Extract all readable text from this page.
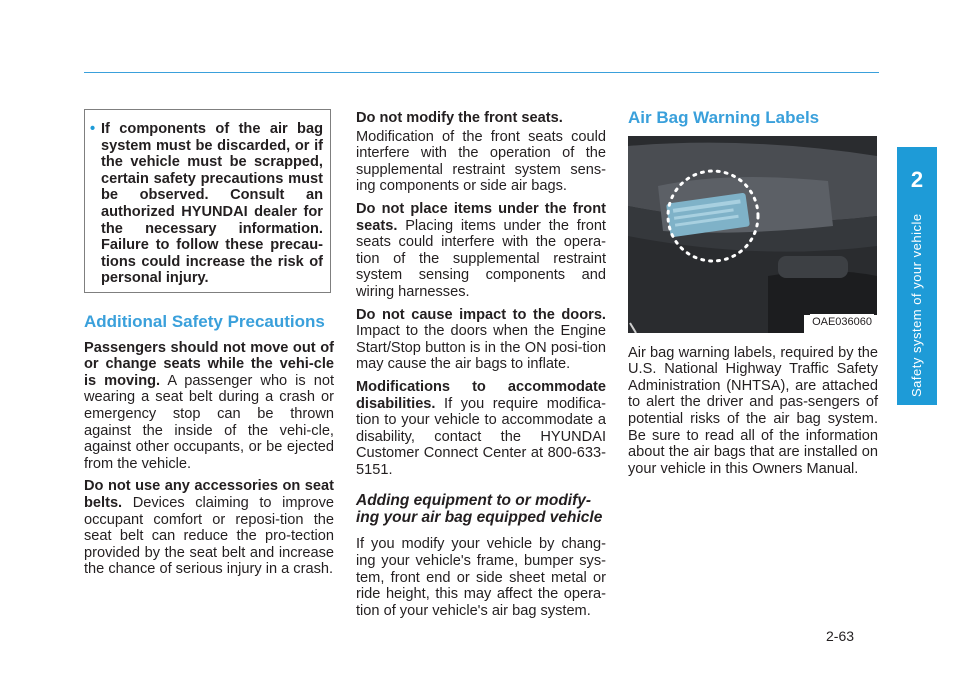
• If components of the air bag system must be discarded, or if the vehicle must be scrapped, certain safety precautions must be observed. Consult an authorized HYUNDAI dealer for the necessary information. Failure to follow these precau-tions could increase the risk of personal injury.
Additional Safety Precautions

Passengers should not move out of or change seats while the vehi-cle is moving. A passenger who is not wearing a seat belt during a crash or emergency stop can be thrown against the inside of the vehi-cle, against other occupants, or be ejected from the vehicle.

Do not use any accessories on seat belts. Devices claiming to improve occupant comfort or reposi-tion the seat belt can reduce the pro-tection provided by the seat belt and increase the chance of serious injury in a crash.

Do not modify the front seats.

Modification of the front seats could interfere with the operation of the supplemental restraint system sens-ing components or side air bags.

Do not place items under the front seats. Placing items under the front seats could interfere with the opera-tion of the supplemental restraint system sensing components and wiring harnesses.

Do not cause impact to the doors. Impact to the doors when the Engine Start/Stop button is in the ON posi-tion may cause the air bags to inflate.

Modifications to accommodate disabilities. If you require modifica-tion to your vehicle to accommodate a disability, contact the HYUNDAI Customer Connect Center at 800-633-5151.

Adding equipment to or modify-ing your air bag equipped vehicle

If you modify your vehicle by chang-ing your vehicle's frame, bumper sys-tem, front end or side sheet metal or ride height, this may affect the opera-tion of your vehicle's air bag system.

Air Bag Warning Labels
OAE036060

Air bag warning labels, required by the U.S. National Highway Traffic Safety Administration (NHTSA), are attached to alert the driver and pas-sengers of potential risks of the air bag system. Be sure to read all of the information about the air bags that are installed on your vehicle in this Owners Manual.

2
Safety system of your vehicle
2-63
